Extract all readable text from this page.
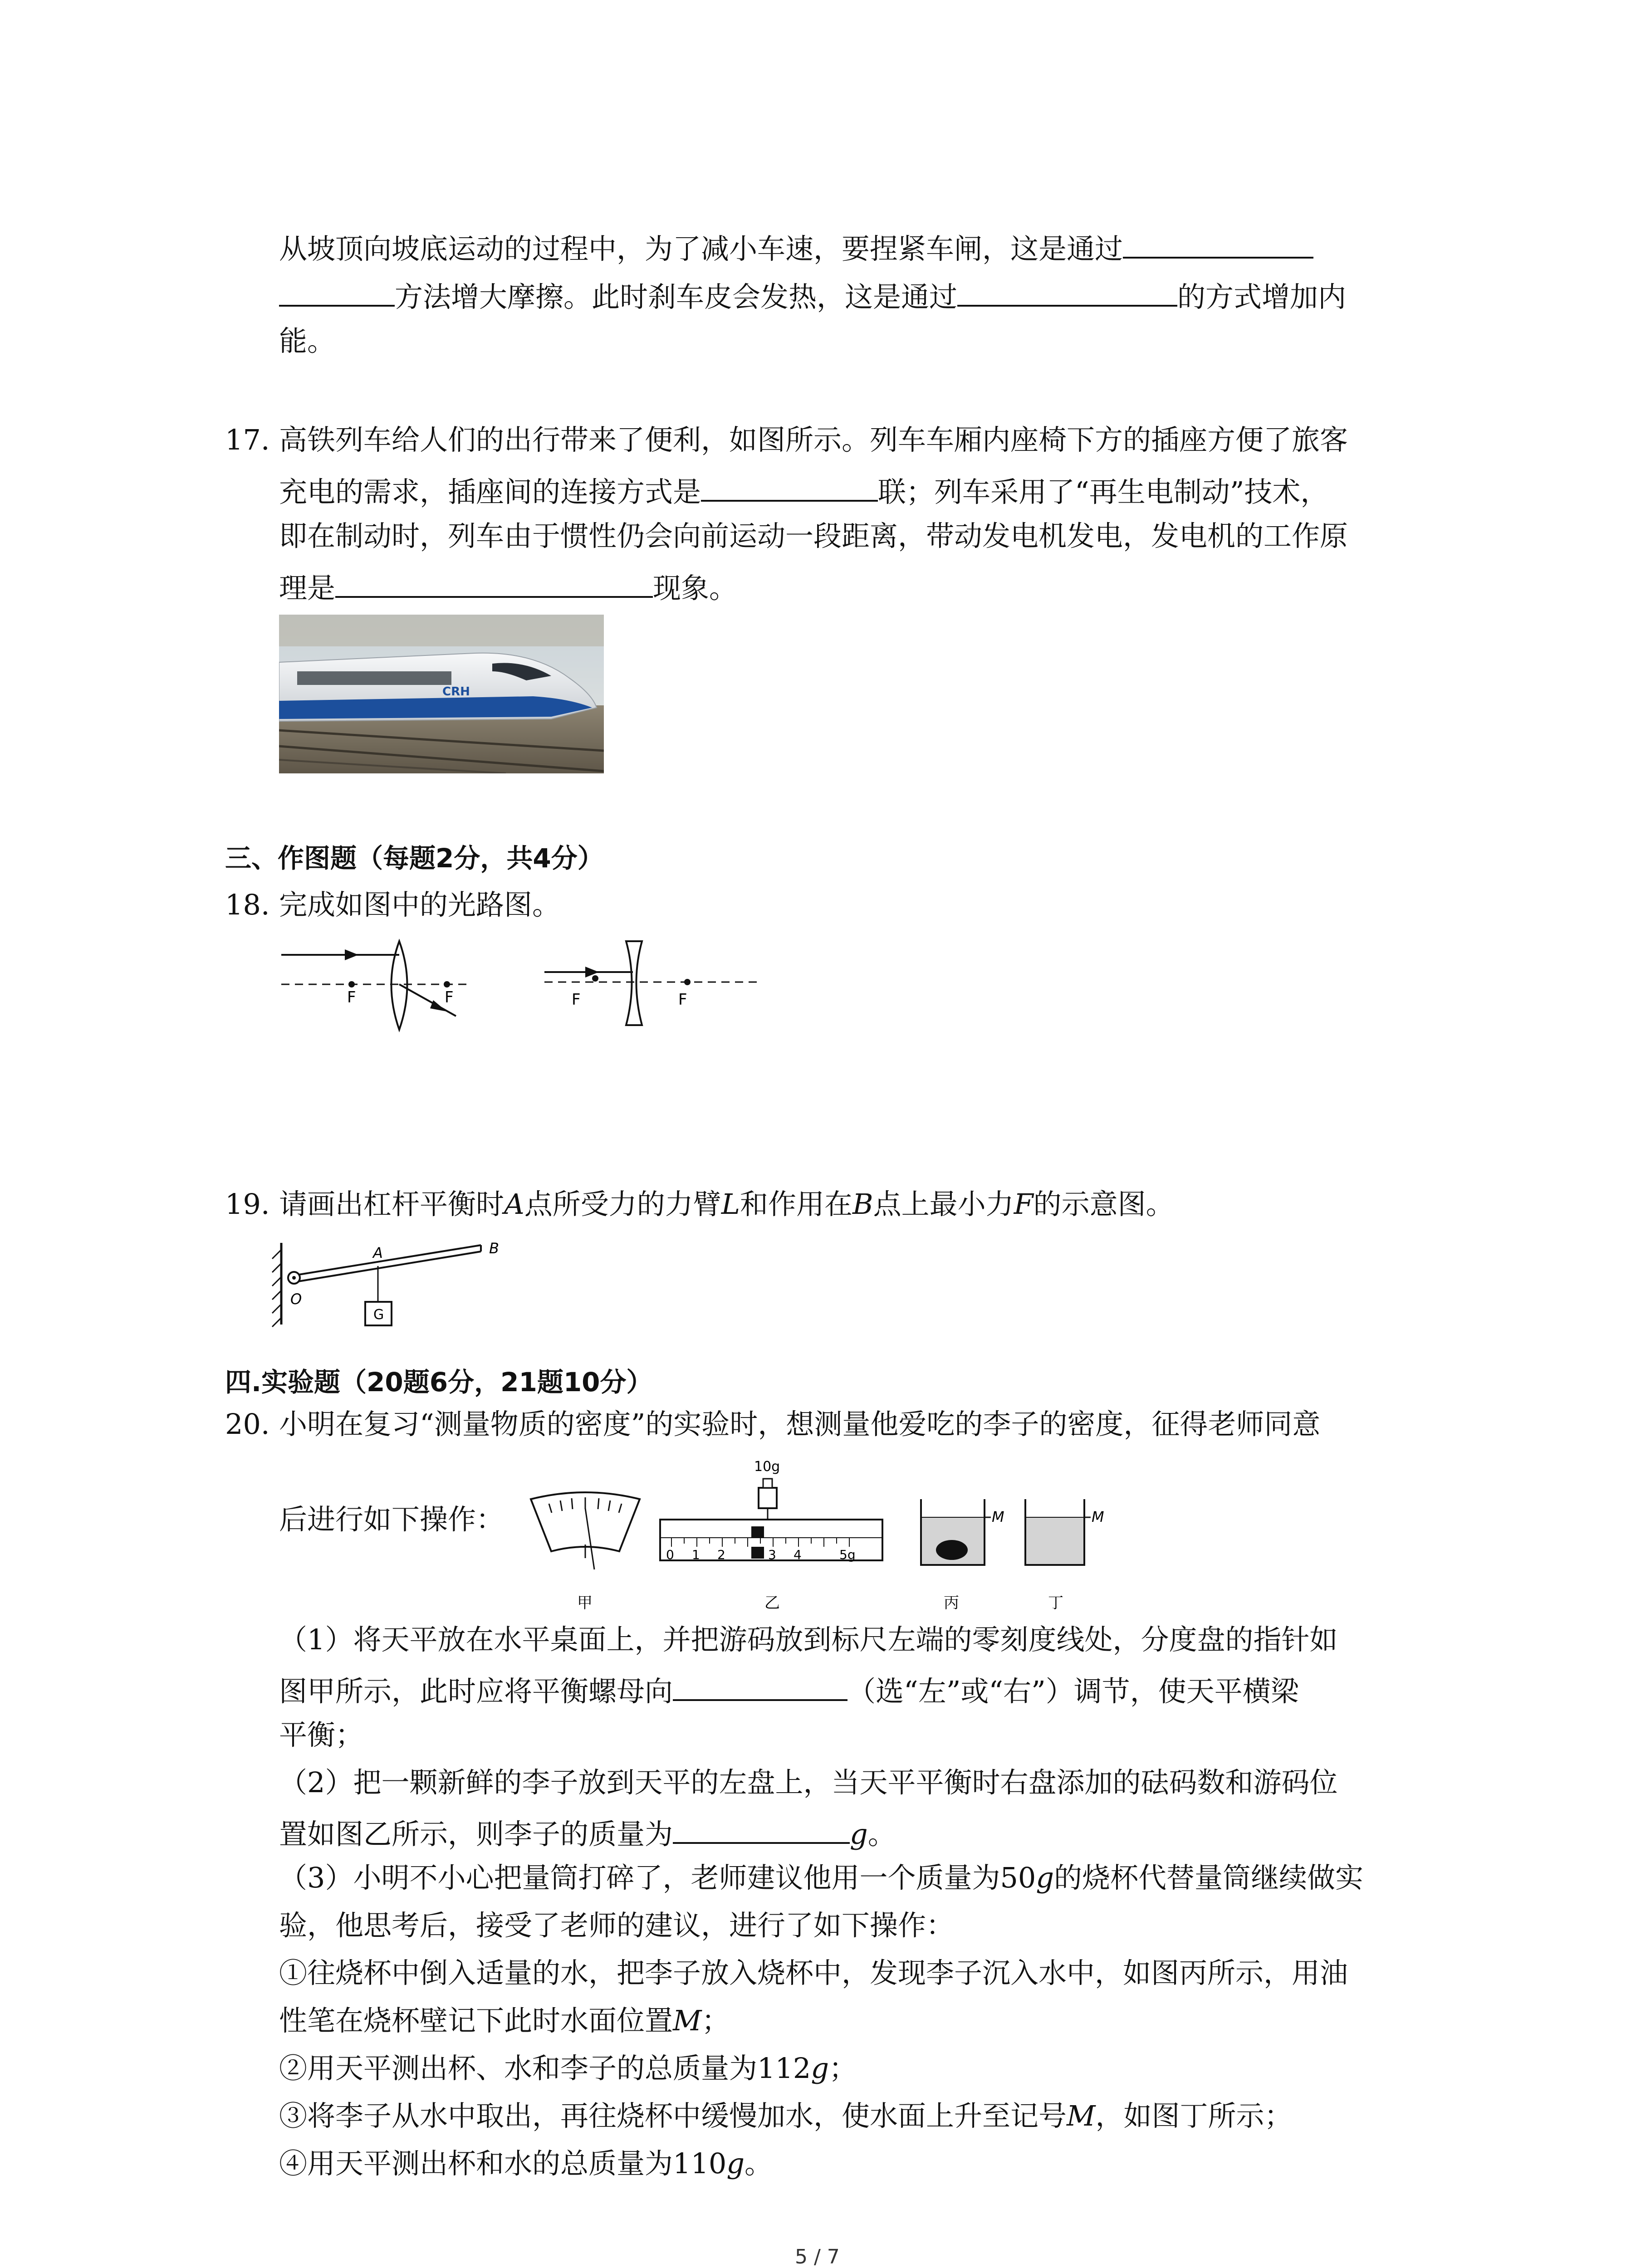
从坡顶向坡底运动的过程中，为了减小车速，要捏紧车闸，这是通过
方法增大摩擦。此时刹车皮会发热，这是通过	的方式增加内
能。
17. 高铁列车给人们的出行带来了便利，如图所示。列车车厢内座椅下方的插座方便了旅客
充电的需求，插座间的连接方式是	联；列车采用了“再生电制动”技术，
即在制动时，列车由于惯性仍会向前运动一段距离，带动发电机发电，发电机的工作原
理是	现象。
CRH
三、作图题（每题2分，共4分）
18. 完成如图中的光路图。
F	F	F	F
19. 请画出杠杆平衡时A点所受力的力臂L和作用在B点上最小力F的示意图。
G
A	B
O
四.实验题（20题6分，21题10分）
20. 小明在复习“测量物质的密度”的实验时，想测量他爱吃的李子的密度，征得老师同意
后进行如下操作：
甲
10g
0 1 2	3 4	5g
乙
M
丙
M
丁
（1）将天平放在水平桌面上，并把游码放到标尺左端的零刻度线处，分度盘的指针如
图甲所示，此时应将平衡螺母向	（选“左”或“右”）调节，使天平横梁
平衡；
（2）把一颗新鲜的李子放到天平的左盘上，当天平平衡时右盘添加的砝码数和游码位
置如图乙所示，则李子的质量为	g。
（3）小明不小心把量筒打碎了，老师建议他用一个质量为50g的烧杯代替量筒继续做实
验，他思考后，接受了老师的建议，进行了如下操作：
①往烧杯中倒入适量的水，把李子放入烧杯中，发现李子沉入水中，如图丙所示，用油
性笔在烧杯壁记下此时水面位置M；
②用天平测出杯、水和李子的总质量为112g；
③将李子从水中取出，再往烧杯中缓慢加水，使水面上升至记号M，如图丁所示；
④用天平测出杯和水的总质量为110g。
5 / 7
